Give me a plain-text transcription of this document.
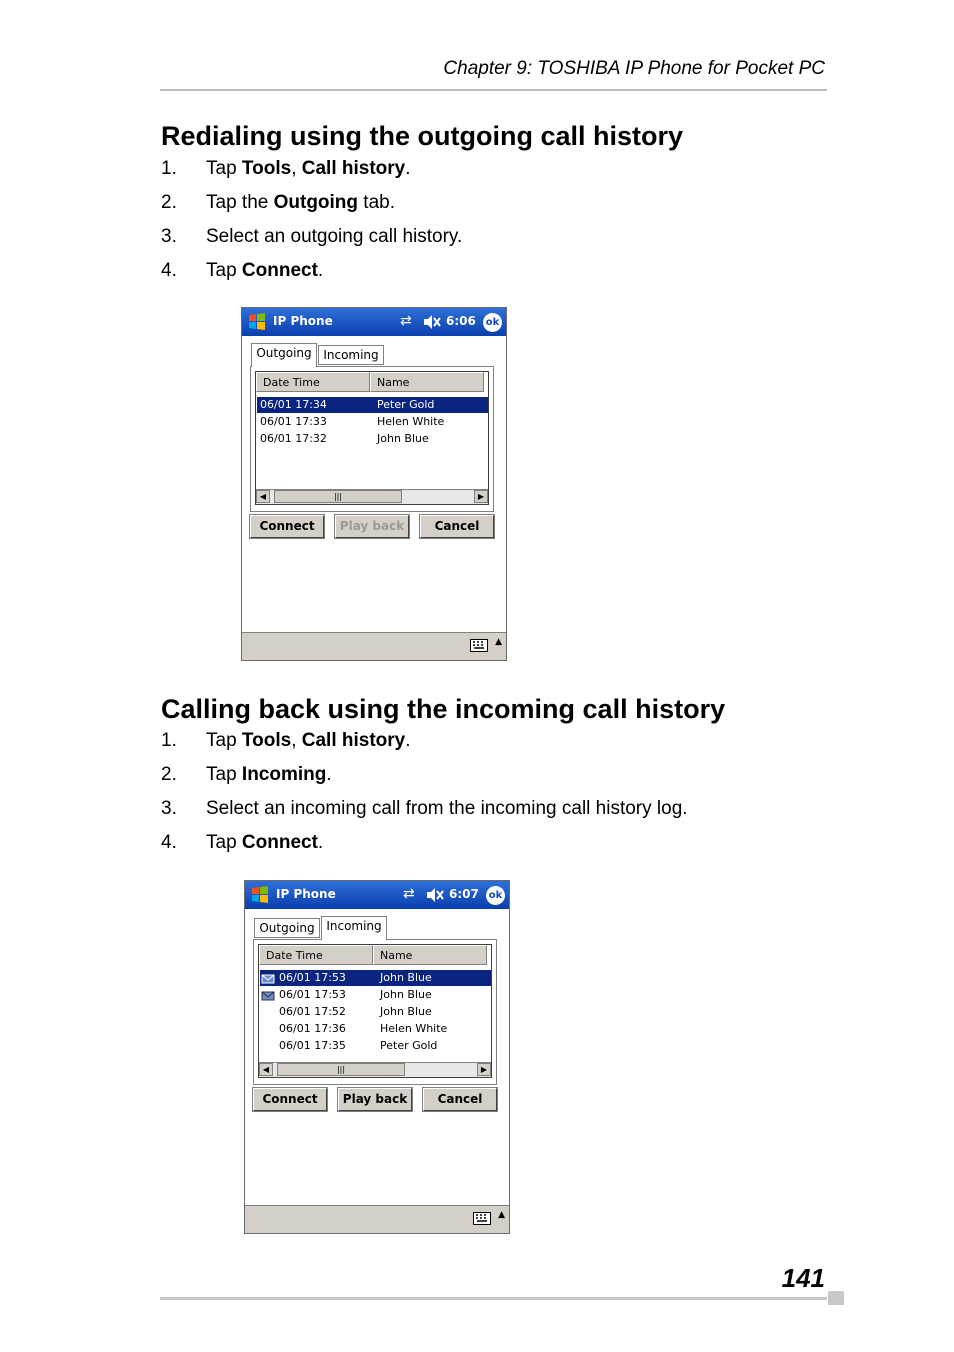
Chapter 9: TOSHIBA IP Phone for Pocket PC
Redialing using the outgoing call history
1.	Tap Tools, Call history.
2.	Tap the Outgoing tab.
3.	Select an outgoing call history.
4.	Tap Connect.
IP Phone	⇄	6:06 ok
Outgoing Incoming
Date Time	Name
06/01 17:34	Peter Gold
06/01 17:33	Helen White
06/01 17:32	John Blue
◀	|||	▶
Connect	Play back	Cancel
▲
Calling back using the incoming call history
1.	Tap Tools, Call history.
2.	Tap Incoming.
3.	Select an incoming call from the incoming call history log.
4.	Tap Connect.
IP Phone	⇄	6:07 ok
Outgoing Incoming
Date Time	Name
06/01 17:53	John Blue
06/01 17:53	John Blue
06/01 17:52	John Blue
06/01 17:36	Helen White
06/01 17:35	Peter Gold
◀	|||	▶
Connect	Play back	Cancel
▲
141
